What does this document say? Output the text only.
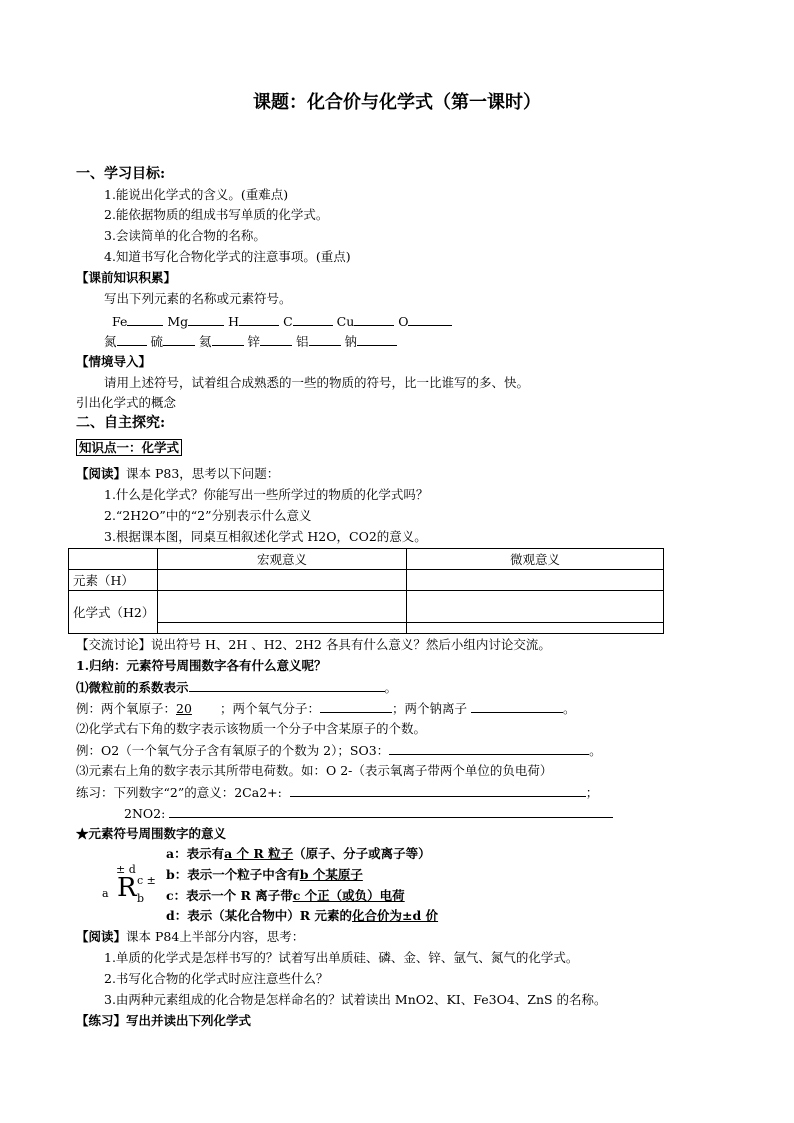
课题：化合价与化学式（第一课时）
一、学习目标:
1.能说出化学式的含义。(重难点)
2.能依据物质的组成书写单质的化学式。
3.会读简单的化合物的名称。
4.知道书写化合物化学式的注意事项。(重点)
【课前知识积累】
写出下列元素的名称或元素符号。
Fe	Mg	H	C	Cu	O
氮	硫	氦	锌	铝	钠
【情境导入】
请用上述符号，试着组合成熟悉的一些的物质的符号，比一比谁写的多、快。
引出化学式的概念
二、自主探究:
知识点一：化学式
【阅读】课本 P83，思考以下问题：
1.什么是化学式？你能写出一些所学过的物质的化学式吗？
2.“2H2O”中的“2”分别表示什么意义
3.根据课本图，同桌互相叙述化学式 H2O，CO2的意义。
	宏观意义	微观意义
元素（H）		
化学式（H2）	

【交流讨论】说出符号 H、2H 、H2、2H2 各具有什么意义？然后小组内讨论交流。
1.归纳：元素符号周围数字各有什么意义呢？
⑴微粒前的系数表示	。
例：两个氧原子：20 ；两个氧气分子：	；两个钠离子	。
⑵化学式右下角的数字表示该物质一个分子中含某原子的个数。
例：O2（一个氧气分子含有氧原子的个数为 2）；SO3：	。
⑶元素右上角的数字表示其所带电荷数。如：O 2-（表示氧离子带两个单位的负电荷）
练习：下列数字“2”的意义：2Ca2+:	；
2NO2:
★元素符号周围数字的意义
± d
a R c ±
b
a：表示有a 个 R 粒子（原子、分子或离子等）
b：表示一个粒子中含有b 个某原子
c：表示一个 R 离子带c 个正（或负）电荷
d：表示（某化合物中）R 元素的化合价为±d 价
【阅读】课本 P84上半部分内容，思考：
1.单质的化学式是怎样书写的？试着写出单质硅、磷、金、锌、氩气、氮气的化学式。
2.书写化合物的化学式时应注意些什么？
3.由两种元素组成的化合物是怎样命名的？试着读出 MnO2、KI、Fe3O4、ZnS 的名称。
【练习】写出并读出下列化学式
